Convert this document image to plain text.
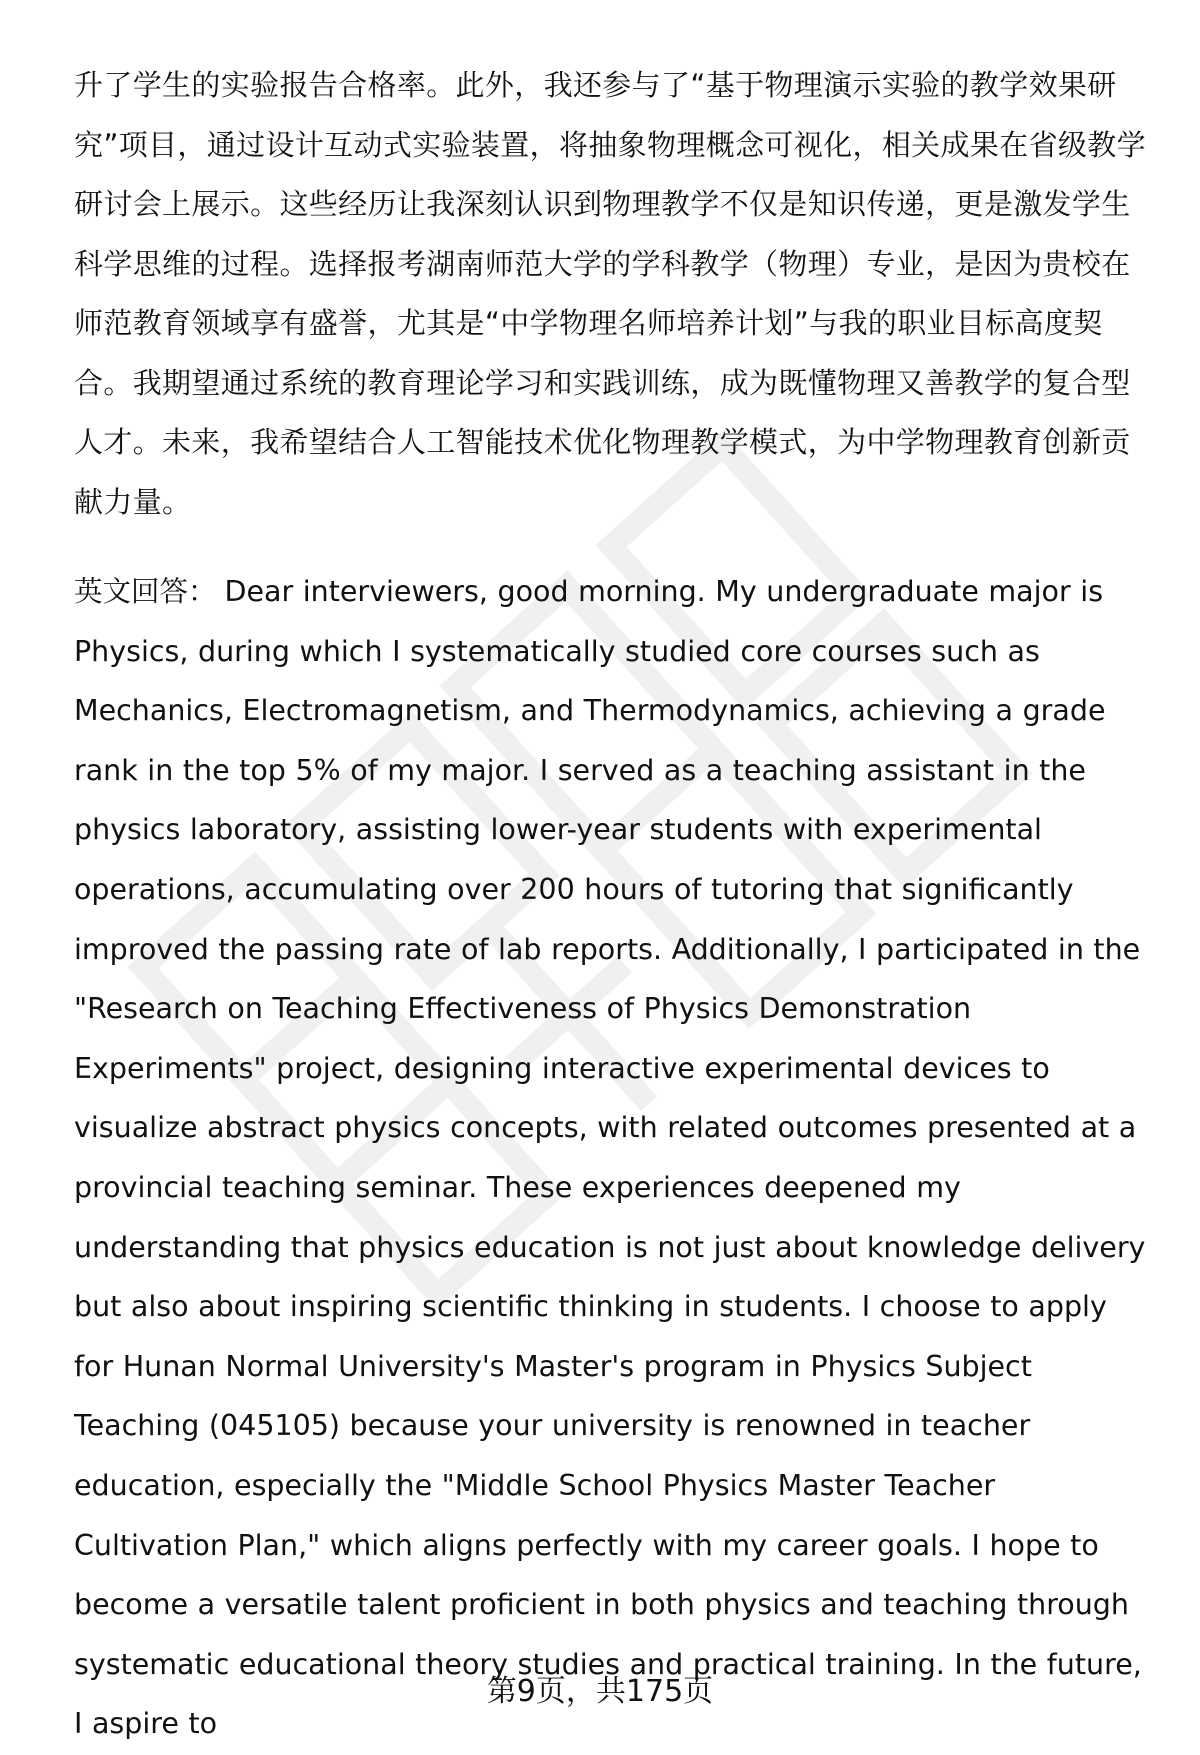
升了学生的实验报告合格率。此外，我还参与了“基于物理演示实验的教学效果研究”项目，通过设计互动式实验装置，将抽象物理概念可视化，相关成果在省级教学研讨会上展示。这些经历让我深刻认识到物理教学不仅是知识传递，更是激发学生科学思维的过程。选择报考湖南师范大学的学科教学（物理）专业，是因为贵校在师范教育领域享有盛誉，尤其是“中学物理名师培养计划”与我的职业目标高度契合。我期望通过系统的教育理论学习和实践训练，成为既懂物理又善教学的复合型人才。未来，我希望结合人工智能技术优化物理教学模式，为中学物理教育创新贡献力量。

英文回答： Dear interviewers, good morning. My undergraduate major is Physics, during which I systematically studied core courses such as Mechanics, Electromagnetism, and Thermodynamics, achieving a grade rank in the top 5% of my major. I served as a teaching assistant in the physics laboratory, assisting lower-year students with experimental operations, accumulating over 200 hours of tutoring that significantly improved the passing rate of lab reports. Additionally, I participated in the "Research on Teaching Effectiveness of Physics Demonstration Experiments" project, designing interactive experimental devices to visualize abstract physics concepts, with related outcomes presented at a provincial teaching seminar. These experiences deepened my understanding that physics education is not just about knowledge delivery but also about inspiring scientific thinking in students. I choose to apply for Hunan Normal University's Master's program in Physics Subject Teaching (045105) because your university is renowned in teacher education, especially the "Middle School Physics Master Teacher Cultivation Plan," which aligns perfectly with my career goals. I hope to become a versatile talent proficient in both physics and teaching through systematic educational theory studies and practical training. In the future, I aspire to

第9页，共175页
